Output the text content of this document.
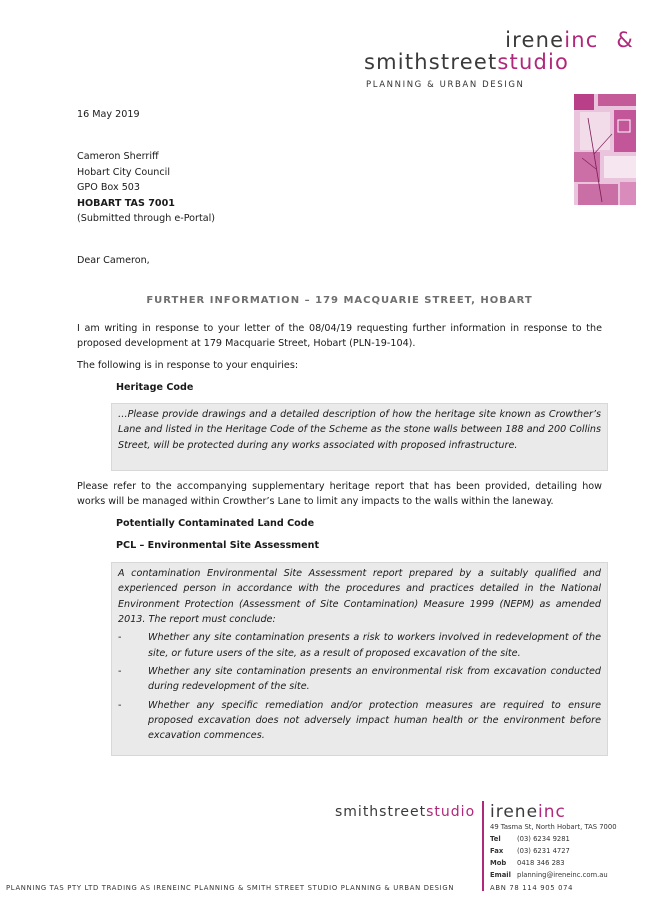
ireneinc &
smithstreetstudio
PLANNING & URBAN DESIGN
16 May 2019
Cameron Sherriff
Hobart City Council
GPO Box 503
HOBART TAS 7001
(Submitted through e-Portal)
Dear Cameron,
FURTHER INFORMATION – 179 MACQUARIE STREET, HOBART
I am writing in response to your letter of the 08/04/19 requesting further information in response to the proposed development at 179 Macquarie Street, Hobart (PLN-19-104).
The following is in response to your enquiries:
Heritage Code
…Please provide drawings and a detailed description of how the heritage site known as Crowther’s Lane and listed in the Heritage Code of the Scheme as the stone walls between 188 and 200 Collins Street, will be protected during any works associated with proposed infrastructure.
Please refer to the accompanying supplementary heritage report that has been provided, detailing how works will be managed within Crowther’s Lane to limit any impacts to the walls within the laneway.
Potentially Contaminated Land Code
PCL – Environmental Site Assessment
A contamination Environmental Site Assessment report prepared by a suitably qualified and experienced person in accordance with the procedures and practices detailed in the National Environment Protection (Assessment of Site Contamination) Measure 1999 (NEPM) as amended 2013. The report must conclude:
-	Whether any site contamination presents a risk to workers involved in redevelopment of the site, or future users of the site, as a result of proposed excavation of the site.
-	Whether any site contamination presents an environmental risk from excavation conducted during redevelopment of the site.
-	Whether any specific remediation and/or protection measures are required to ensure proposed excavation does not adversely impact human health or the environment before excavation commences.
smithstreetstudio ireneinc
49 Tasma St, North Hobart, TAS 7000
Tel (03) 6234 9281
Fax (03) 6231 4727
Mob 0418 346 283
Email planning@ireneinc.com.au
PLANNING TAS PTY LTD TRADING AS IRENEINC PLANNING & SMITH STREET STUDIO PLANNING & URBAN DESIGN	ABN 78 114 905 074
